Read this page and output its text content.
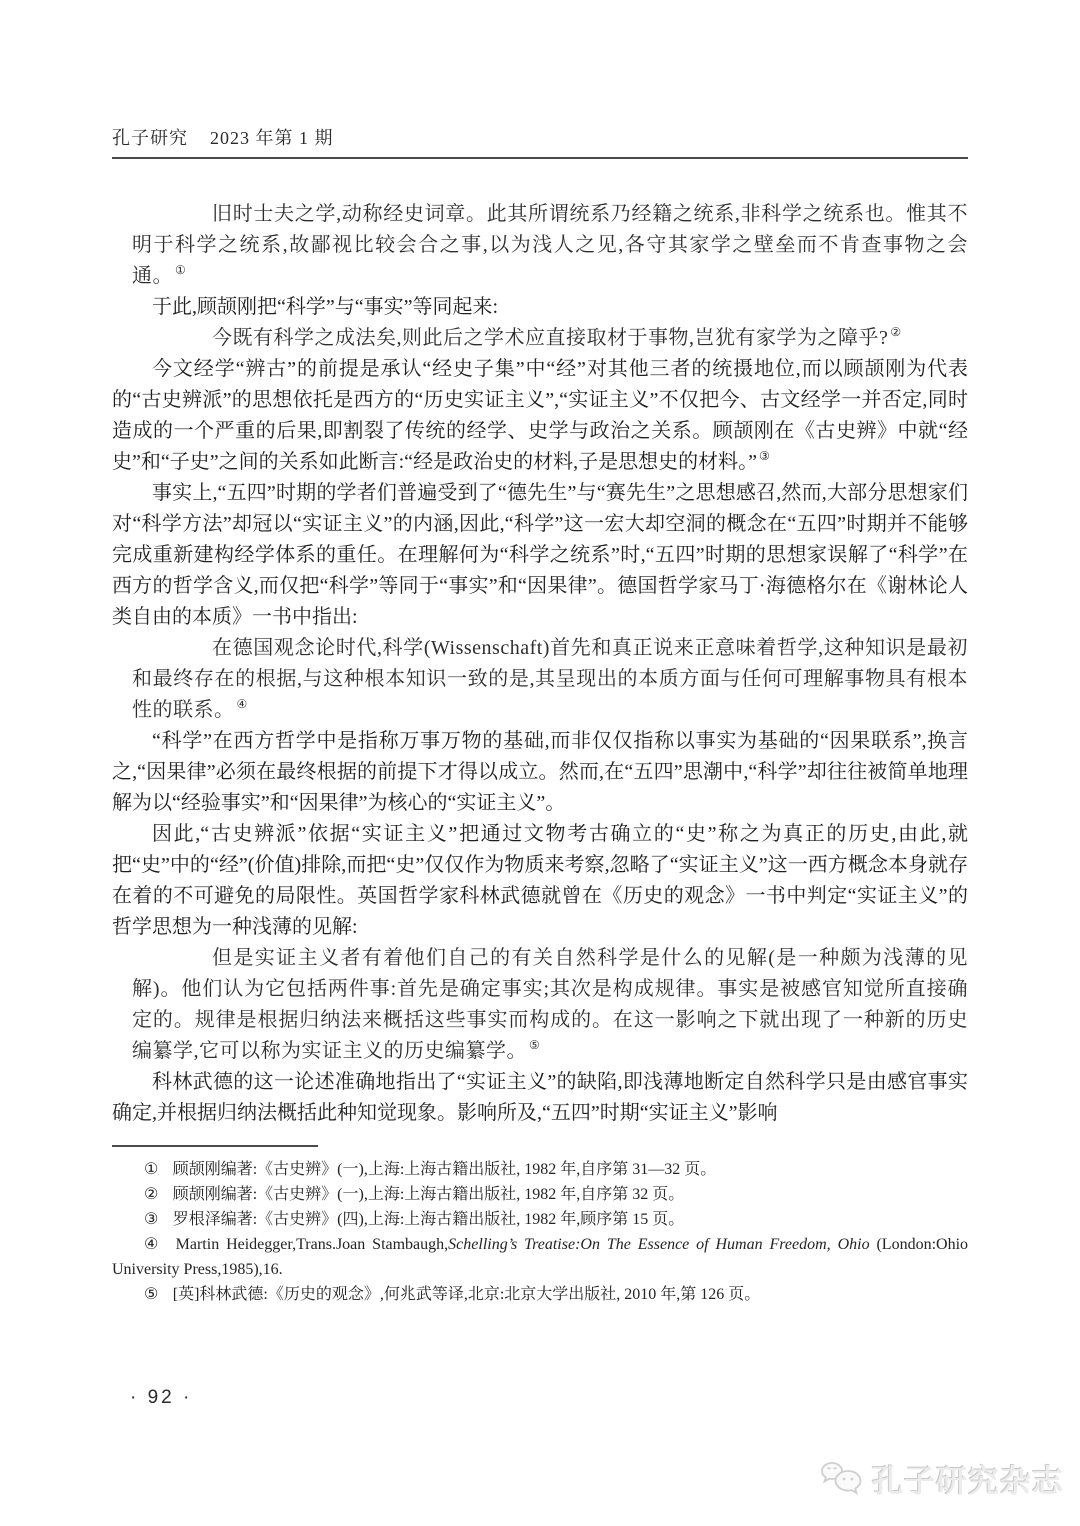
孔子研究 2023 年第 1 期

旧时士夫之学,动称经史词章。此其所谓统系乃经籍之统系,非科学之统系也。惟其不明于科学之统系,故鄙视比较会合之事,以为浅人之见,各守其家学之壁垒而不肯查事物之会通。 ①

于此,顾颉刚把“科学”与“事实”等同起来:

今既有科学之成法矣,则此后之学术应直接取材于事物,岂犹有家学为之障乎? ②

今文经学“辨古”的前提是承认“经史子集”中“经”对其他三者的统摄地位,而以顾颉刚为代表的“古史辨派”的思想依托是西方的“历史实证主义”,“实证主义”不仅把今、古文经学一并否定,同时造成的一个严重的后果,即割裂了传统的经学、史学与政治之关系。顾颉刚在《古史辨》中就“经史”和“子史”之间的关系如此断言:“经是政治史的材料,子是思想史的材料。” ③

事实上,“五四”时期的学者们普遍受到了“德先生”与“赛先生”之思想感召,然而,大部分思想家们对“科学方法”却冠以“实证主义”的内涵,因此,“科学”这一宏大却空洞的概念在“五四”时期并不能够完成重新建构经学体系的重任。在理解何为“科学之统系”时,“五四”时期的思想家误解了“科学”在西方的哲学含义,而仅把“科学”等同于“事实”和“因果律”。德国哲学家马丁·海德格尔在《谢林论人类自由的本质》一书中指出:

在德国观念论时代,科学(Wissenschaft)首先和真正说来正意味着哲学,这种知识是最初和最终存在的根据,与这种根本知识一致的是,其呈现出的本质方面与任何可理解事物具有根本性的联系。 ④

“科学”在西方哲学中是指称万事万物的基础,而非仅仅指称以事实为基础的“因果联系”,换言之,“因果律”必须在最终根据的前提下才得以成立。然而,在“五四”思潮中,“科学”却往往被简单地理解为以“经验事实”和“因果律”为核心的“实证主义”。

因此,“古史辨派”依据“实证主义”把通过文物考古确立的“史”称之为真正的历史,由此,就把“史”中的“经”(价值)排除,而把“史”仅仅作为物质来考察,忽略了“实证主义”这一西方概念本身就存在着的不可避免的局限性。英国哲学家科林武德就曾在《历史的观念》一书中判定“实证主义”的哲学思想为一种浅薄的见解:

但是实证主义者有着他们自己的有关自然科学是什么的见解(是一种颇为浅薄的见解)。他们认为它包括两件事:首先是确定事实;其次是构成规律。事实是被感官知觉所直接确定的。规律是根据归纳法来概括这些事实而构成的。在这一影响之下就出现了一种新的历史编纂学,它可以称为实证主义的历史编纂学。 ⑤

科林武德的这一论述准确地指出了“实证主义”的缺陷,即浅薄地断定自然科学只是由感官事实确定,并根据归纳法概括此种知觉现象。影响所及,“五四”时期“实证主义”影响

① 顾颉刚编著:《古史辨》(一),上海:上海古籍出版社, 1982 年,自序第 31—32 页。

② 顾颉刚编著:《古史辨》(一),上海:上海古籍出版社, 1982 年,自序第 32 页。

③ 罗根泽编著:《古史辨》(四),上海:上海古籍出版社, 1982 年,顾序第 15 页。

④ Martin Heidegger,Trans.Joan Stambaugh,Schelling’s Treatise:On The Essence of Human Freedom, Ohio (London:Ohio University Press,1985),16.

⑤ [英]科林武德:《历史的观念》,何兆武等译,北京:北京大学出版社, 2010 年,第 126 页。

· 92 ·
孔子研究杂志
